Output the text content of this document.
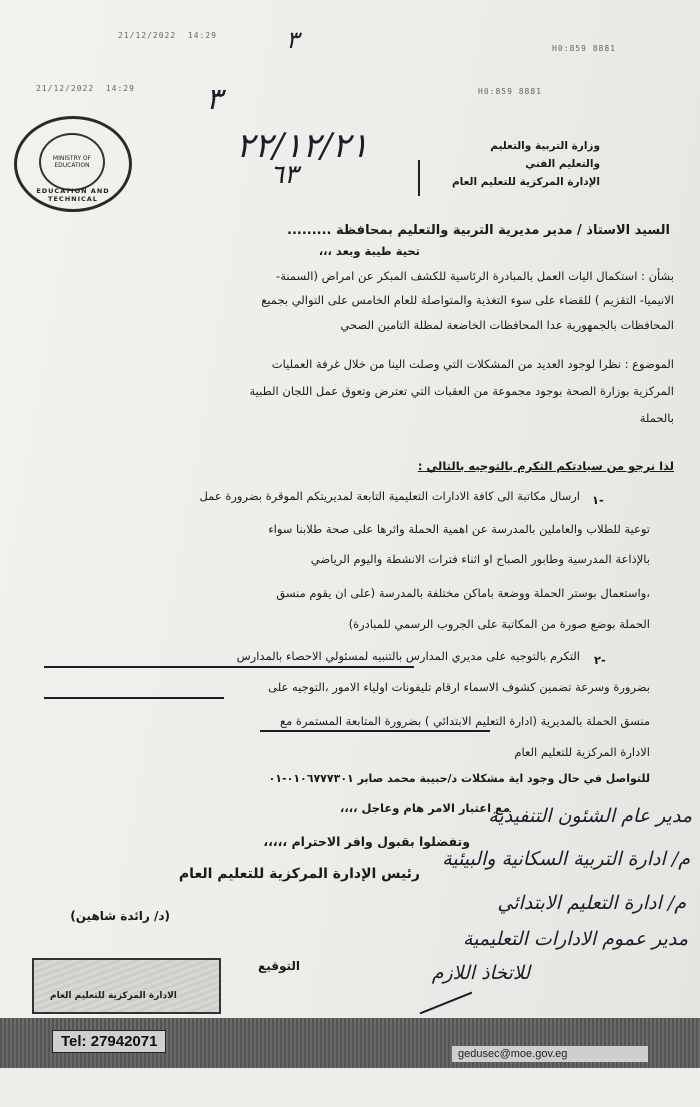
21/12/2022 14:29
H0:859 8881
٣
21/12/2022 14:29	H0:859 8881
٣
٢٢/١٢/٢١
٦٣
MINISTRY OF EDUCATION
EDUCATION AND TECHNICAL
وزارة التربية والتعليم
والتعليم الفني
الإدارة المركزية للتعليم العام
السيد الاستاذ / مدير مديرية التربية والتعليم بمحافظة .........
تحية طيبة وبعد ،،،
بشأن : استكمال اليات العمل بالمبادرة الرئاسية للكشف المبكر عن امراض (السمنة-
الانيميا- التقزيم ) للقضاء على سوء التغذية والمتواصلة للعام الخامس على التوالي بجميع
المحافظات بالجمهورية عدا المحافظات الخاضعة لمظلة التامين الصحي
الموضوع : نظرا لوجود العديد من المشكلات التي وصلت الينا من خلال غرفة العمليات
المركزية بوزارة الصحة بوجود مجموعة من العقبات التي تعترض وتعوق عمل اللجان الطبية
بالحملة
لذا نرجو من سيادتكم التكرم بالتوجيه بالتالي :
١-
ارسال مكاتبة الى كافة الادارات التعليمية التابعة لمديريتكم الموقرة بضرورة عمل
توعية للطلاب والعاملين بالمدرسة عن اهمية الحملة واثرها على صحة طلابنا سواء
بالإذاعة المدرسية وطابور الصباح او اثناء فترات الانشطة واليوم الرياضي
،واستعمال بوستر الحملة ووضعة باماكن مختلفة بالمدرسة (على ان يقوم منسق
الحملة بوضع صورة من المكاتبة على الجروب الرسمي للمبادرة)
٢-
التكرم بالتوجيه على مديري المدارس بالتنبيه لمسئولي الاحصاء بالمدارس
بضرورة وسرعة تضمين كشوف الاسماء ارقام تليفونات اولياء الامور ،التوجيه على
منسق الحملة بالمديرية (ادارة التعليم الابتدائي ) بضرورة المتابعة المستمرة مع
الادارة المركزية للتعليم العام
للتواصل في حال وجود اية مشكلات د/حبيبة محمد صابر ٠١٠٦٧٧٧٣٠١-٠١
مع اعتبار الامر هام وعاجل ،،،،
وتفضلوا بقبول وافر الاحترام ،،،،،
رئيس الإدارة المركزية للتعليم العام
(د/ رائدة شاهين)
التوقيع
الادارة المركزية للتعليم العام
مدير عام الشئون التنفيذية
م/ ادارة التربية السكانية والبيئية
م/ ادارة التعليم الابتدائي
مدير عموم الادارات التعليمية
للاتخاذ اللازم
Tel: 27942071
gedusec@moe.gov.eg
